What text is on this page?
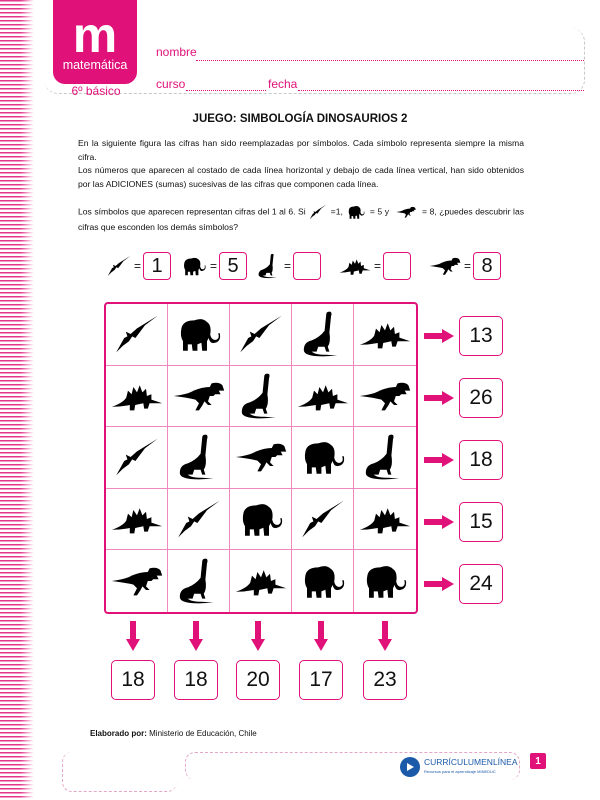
m
matemática
6º básico
nombre
curso	fecha
JUEGO: SIMBOLOGÍA DINOSAURIOS 2
En la siguiente figura las cifras han sido reemplazadas por símbolos. Cada símbolo representa siempre la misma cifra.
Los números que aparecen al costado de cada línea horizontal y debajo de cada línea vertical, han sido obtenidos por las ADICIONES (sumas) sucesivas de las cifras que componen cada línea.
Los símbolos que aparecen representan cifras del 1 al 6. Si	=1,	= 5 y	= 8, ¿puedes descubrir las cifras que esconden los demás símbolos?
= 1	= 5	=	=	= 8
13
26
18
15
24
18	18	20	17	23
Elaborado por: Ministerio de Educación, Chile
CURRÍCULUMENLÍNEA
Recursos para el aprendizaje MINEDUC
1
